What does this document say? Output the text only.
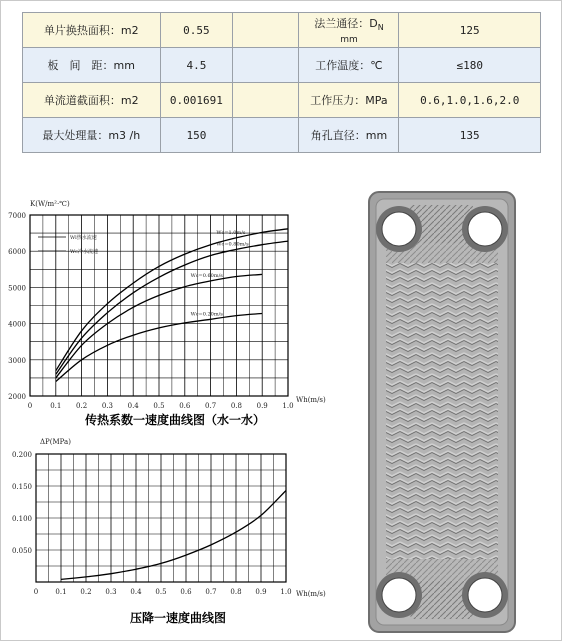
单片换热面积：m2	0.55		法兰通径：$D_N$
mm	125
板　间　距：mm	4.5		工作温度：℃	≤180
单流道截面积：m2	0.001691		工作压力：MPa	0.6,1.0,1.6,2.0
最大处理量：m3 /h	150		角孔直径：mm	135
0	0.1 0.2 0.3 0.4 0.5 0.6 0.7 0.8 0.9 1.0
2000
3000
4000
5000
6000
7000
K(W/m²·℃)
Wh(m/s)
传热系数一速度曲线图（水一水）
Wc=1.0m/s
Wc=0.80m/s
Wc=0.60m/s
Wc=0.20m/s
Wl热水流速
Wc冷水流速
0 0.1 0.2 0.3 0.4 0.5 0.6 0.7 0.8 0.9 1.0
0.050
0.100
0.150
0.200
ΔP(MPa)
Wh(m/s)
压降一速度曲线图
